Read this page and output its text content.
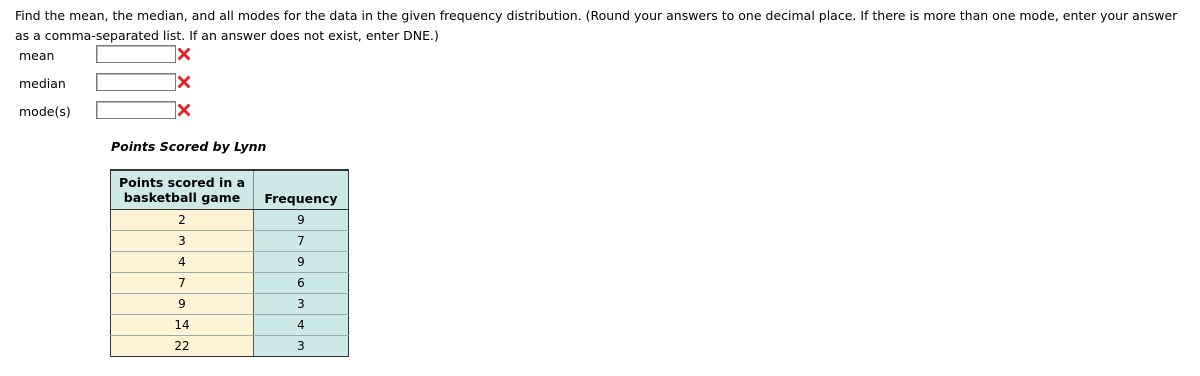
Find the mean, the median, and all modes for the data in the given frequency distribution. (Round your answers to one decimal place. If there is more than one mode, enter your answer as a comma-separated list. If an answer does not exist, enter DNE.)

mean
median
mode(s)

Points Scored by Lynn

Points scored in a basketball game	Frequency
2	9
3	7
4	9
7	6
9	3
14	4
22	3
